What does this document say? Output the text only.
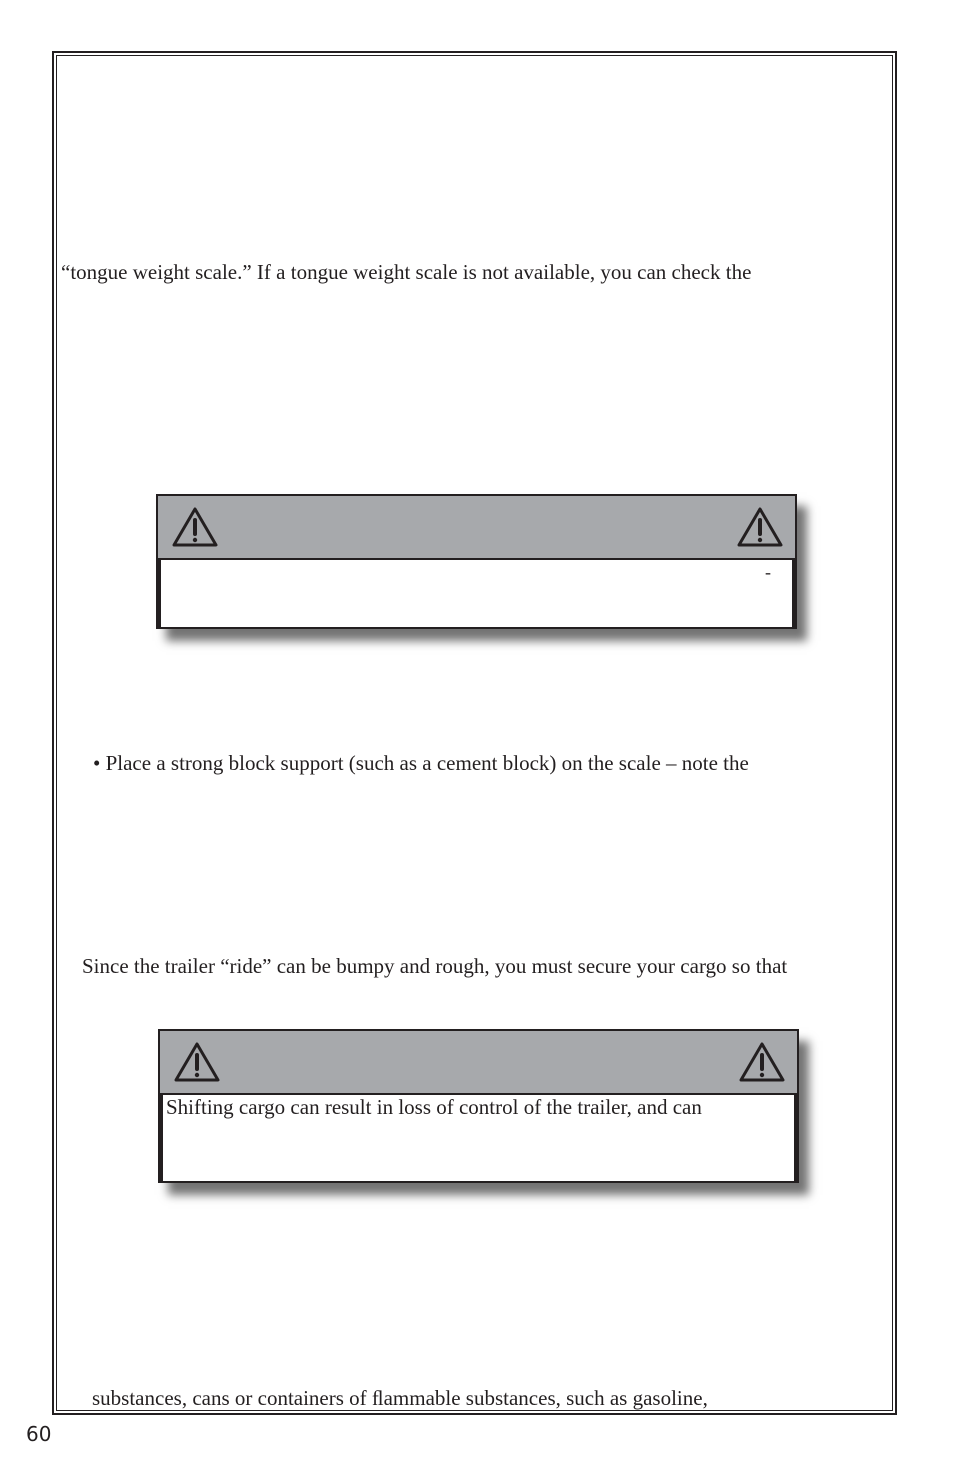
“tongue weight scale.” If a tongue weight scale is not available, you can check the
-
• Place a strong block support (such as a cement block) on the scale – note the
Since the trailer “ride” can be bumpy and rough, you must secure your cargo so that
Shifting cargo can result in loss of control of the trailer, and can
substances, cans or containers of ﬂammable substances, such as gasoline,
60
